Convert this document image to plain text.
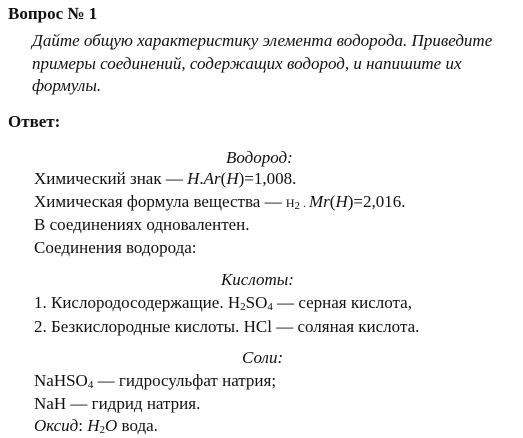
Вопрос № 1
Дайте общую характеристику элемента водорода. Приведите примеры соединений, содержащих водород, и напишите их формулы.
Ответ:
Водород:
Химический знак — H.Ar(H)=1,008.
Химическая формула вещества — $H_2$ . Mr(H)=2,016.
В соединениях одновалентен.
Соединения водорода:
Кислоты:
1. Кислородосодержащие. $H_2SO_4$ — серная кислота,
2. Безкислородные кислоты. HCl — соляная кислота.
Соли:
NaHSO$_4$ — гидросульфат натрия;
NaH — гидрид натрия.
Оксид: $H_2O$ вода.
